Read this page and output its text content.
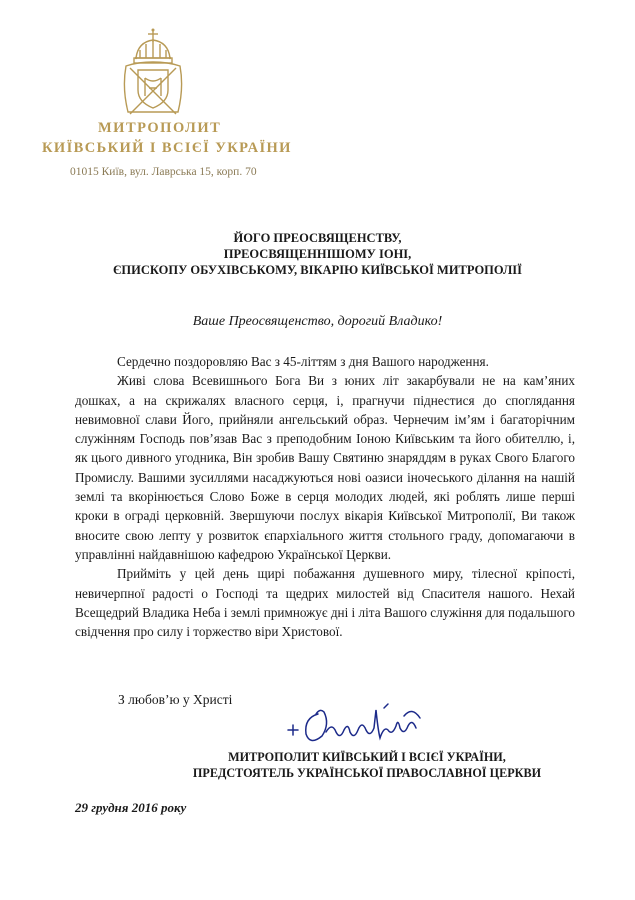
МИТРОПОЛИТ
КИЇВСЬКИЙ І ВСІЄЇ УКРАЇНИ
01015 Київ, вул. Лаврська 15, корп. 70
ЙОГО ПРЕОСВЯЩЕНСТВУ,
ПРЕОСВЯЩЕННІШОМУ ІОНІ,
ЄПИСКОПУ ОБУХІВСЬКОМУ, ВІКАРІЮ КИЇВСЬКОЇ МИТРОПОЛІЇ
Ваше Преосвященство, дорогий Владико!

Сердечно поздоровляю Вас з 45-літтям з дня Вашого народження.

Живі слова Всевишнього Бога Ви з юних літ закарбували не на кам’яних дошках, а на скрижалях власного серця, і, прагнучи піднестися до споглядання невимовної слави Його, прийняли ангельський образ. Чернечим ім’ям і багаторічним служінням Господь пов’язав Вас з преподобним Іоною Київським та його обителлю, і, як цього дивного угодника, Він зробив Вашу Святиню знаряддям в руках Свого Благого Промислу. Вашими зусиллями насаджуються нові оазиси іночеського ділання на нашій землі та вкорінюється Слово Боже в серця молодих людей, які роблять лише перші кроки в ограді церковній. Звершуючи послух вікарія Київської Митрополії, Ви також вносите свою лепту у розвиток єпархіального життя стольного граду, допомагаючи в управлінні найдавнішою кафедрою Української Церкви.

Прийміть у цей день щирі побажання душевного миру, тілесної кріпості, невичерпної радості о Господі та щедрих милостей від Спасителя нашого. Нехай Всещедрий Владика Неба і землі примножує дні і літа Вашого служіння для подальшого свідчення про силу і торжество віри Христової.

З любов’ю у Христі
МИТРОПОЛИТ КИЇВСЬКИЙ І ВСІЄЇ УКРАЇНИ,
ПРЕДСТОЯТЕЛЬ УКРАЇНСЬКОЇ ПРАВОСЛАВНОЇ ЦЕРКВИ
29 грудня 2016 року
